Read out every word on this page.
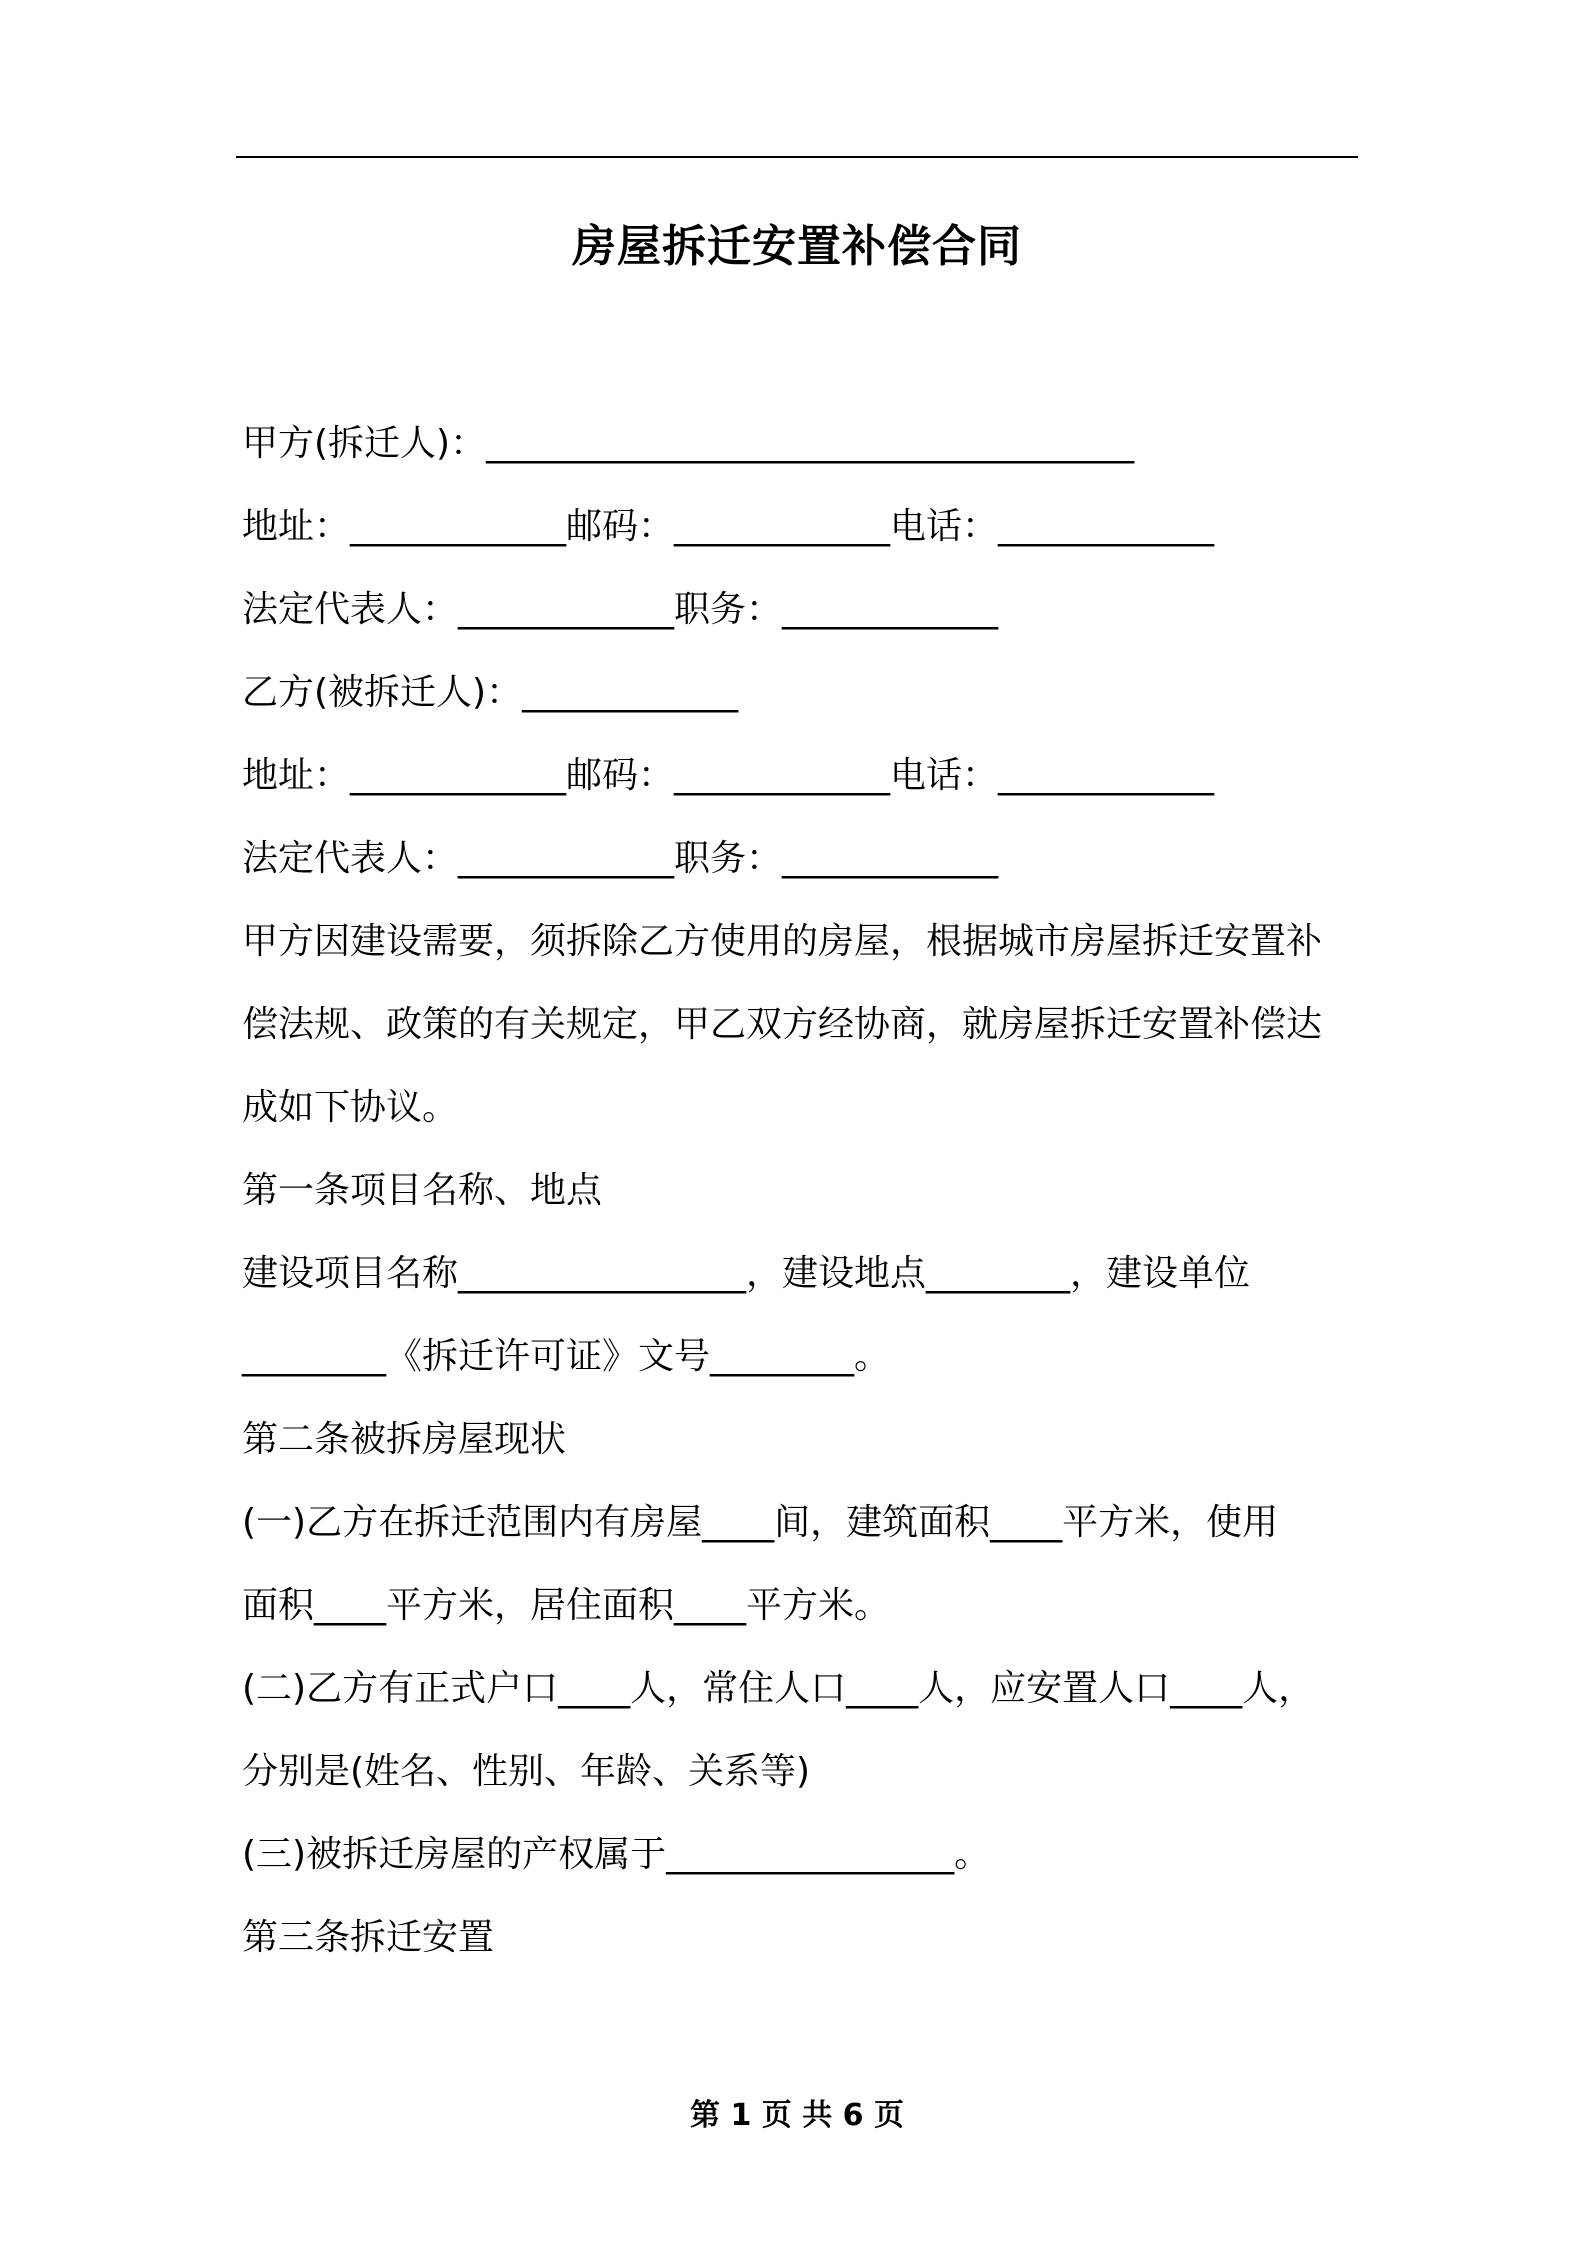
房屋拆迁安置补偿合同
甲方(拆迁人)：____________________________________
地址：____________邮码：____________电话：____________
法定代表人：____________职务：____________
乙方(被拆迁人)：____________
地址：____________邮码：____________电话：____________
法定代表人：____________职务：____________
甲方因建设需要，须拆除乙方使用的房屋，根据城市房屋拆迁安置补
偿法规、政策的有关规定，甲乙双方经协商，就房屋拆迁安置补偿达
成如下协议。
第一条项目名称、地点
建设项目名称________________，建设地点________，建设单位
________《拆迁许可证》文号________。
第二条被拆房屋现状
(一)乙方在拆迁范围内有房屋____间，建筑面积____平方米，使用
面积____平方米，居住面积____平方米。
(二)乙方有正式户口____人，常住人口____人，应安置人口____人，
分别是(姓名、性别、年龄、关系等)
(三)被拆迁房屋的产权属于________________。
第三条拆迁安置
第 1 页 共 6 页
